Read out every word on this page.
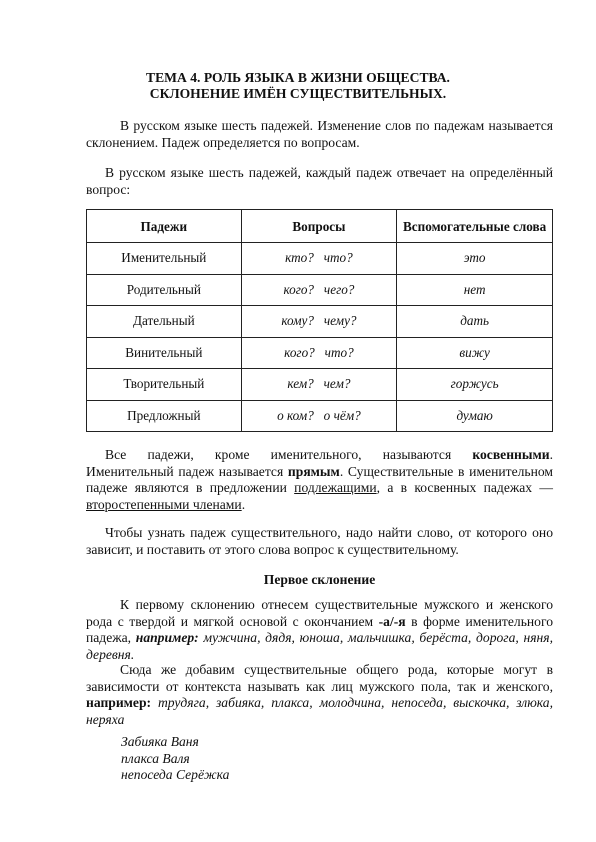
ТЕМА 4. РОЛЬ ЯЗЫКА В ЖИЗНИ ОБЩЕСТВА.
СКЛОНЕНИЕ ИМЁН СУЩЕСТВИТЕЛЬНЫХ.

В русском языке шесть падежей. Изменение слов по падежам называется склонением. Падеж определяется по вопросам.

В русском языке шесть падежей, каждый падеж отвечает на определённый вопрос:

Падежи	Вопросы	Вспомогательные слова
Именительный	кто?   что?	это
Родительный	кого?   чего?	нет
Дательный	кому?   чему?	дать
Винительный	кого?   что?	вижу
Творительный	кем?   чем?	горжусь
Предложный	о ком?   о чём?	думаю

Все падежи, кроме именительного, называются косвенными. Именительный падеж называется прямым. Существительные в именительном падеже являются в предложении подлежащими, а в косвенных падежах — второстепенными членами.

Чтобы узнать падеж существительного, надо найти слово, от которого оно зависит, и поставить от этого слова вопрос к существительному.

Первое склонение

К первому склонению отнесем существительные мужского и женского рода с твердой и мягкой основой с окончанием -а/-я в форме именительного падежа, например: мужчина, дядя, юноша, мальчишка, берёста, дорога, няня, деревня.

Сюда же добавим существительные общего рода, которые могут в зависимости от контекста называть как лиц мужского пола, так и женского, например: трудяга, забияка, плакса, молодчина, непоседа, выскочка, злюка, неряха

Забияка Ваня
плакса Валя
непоседа Серёжка
